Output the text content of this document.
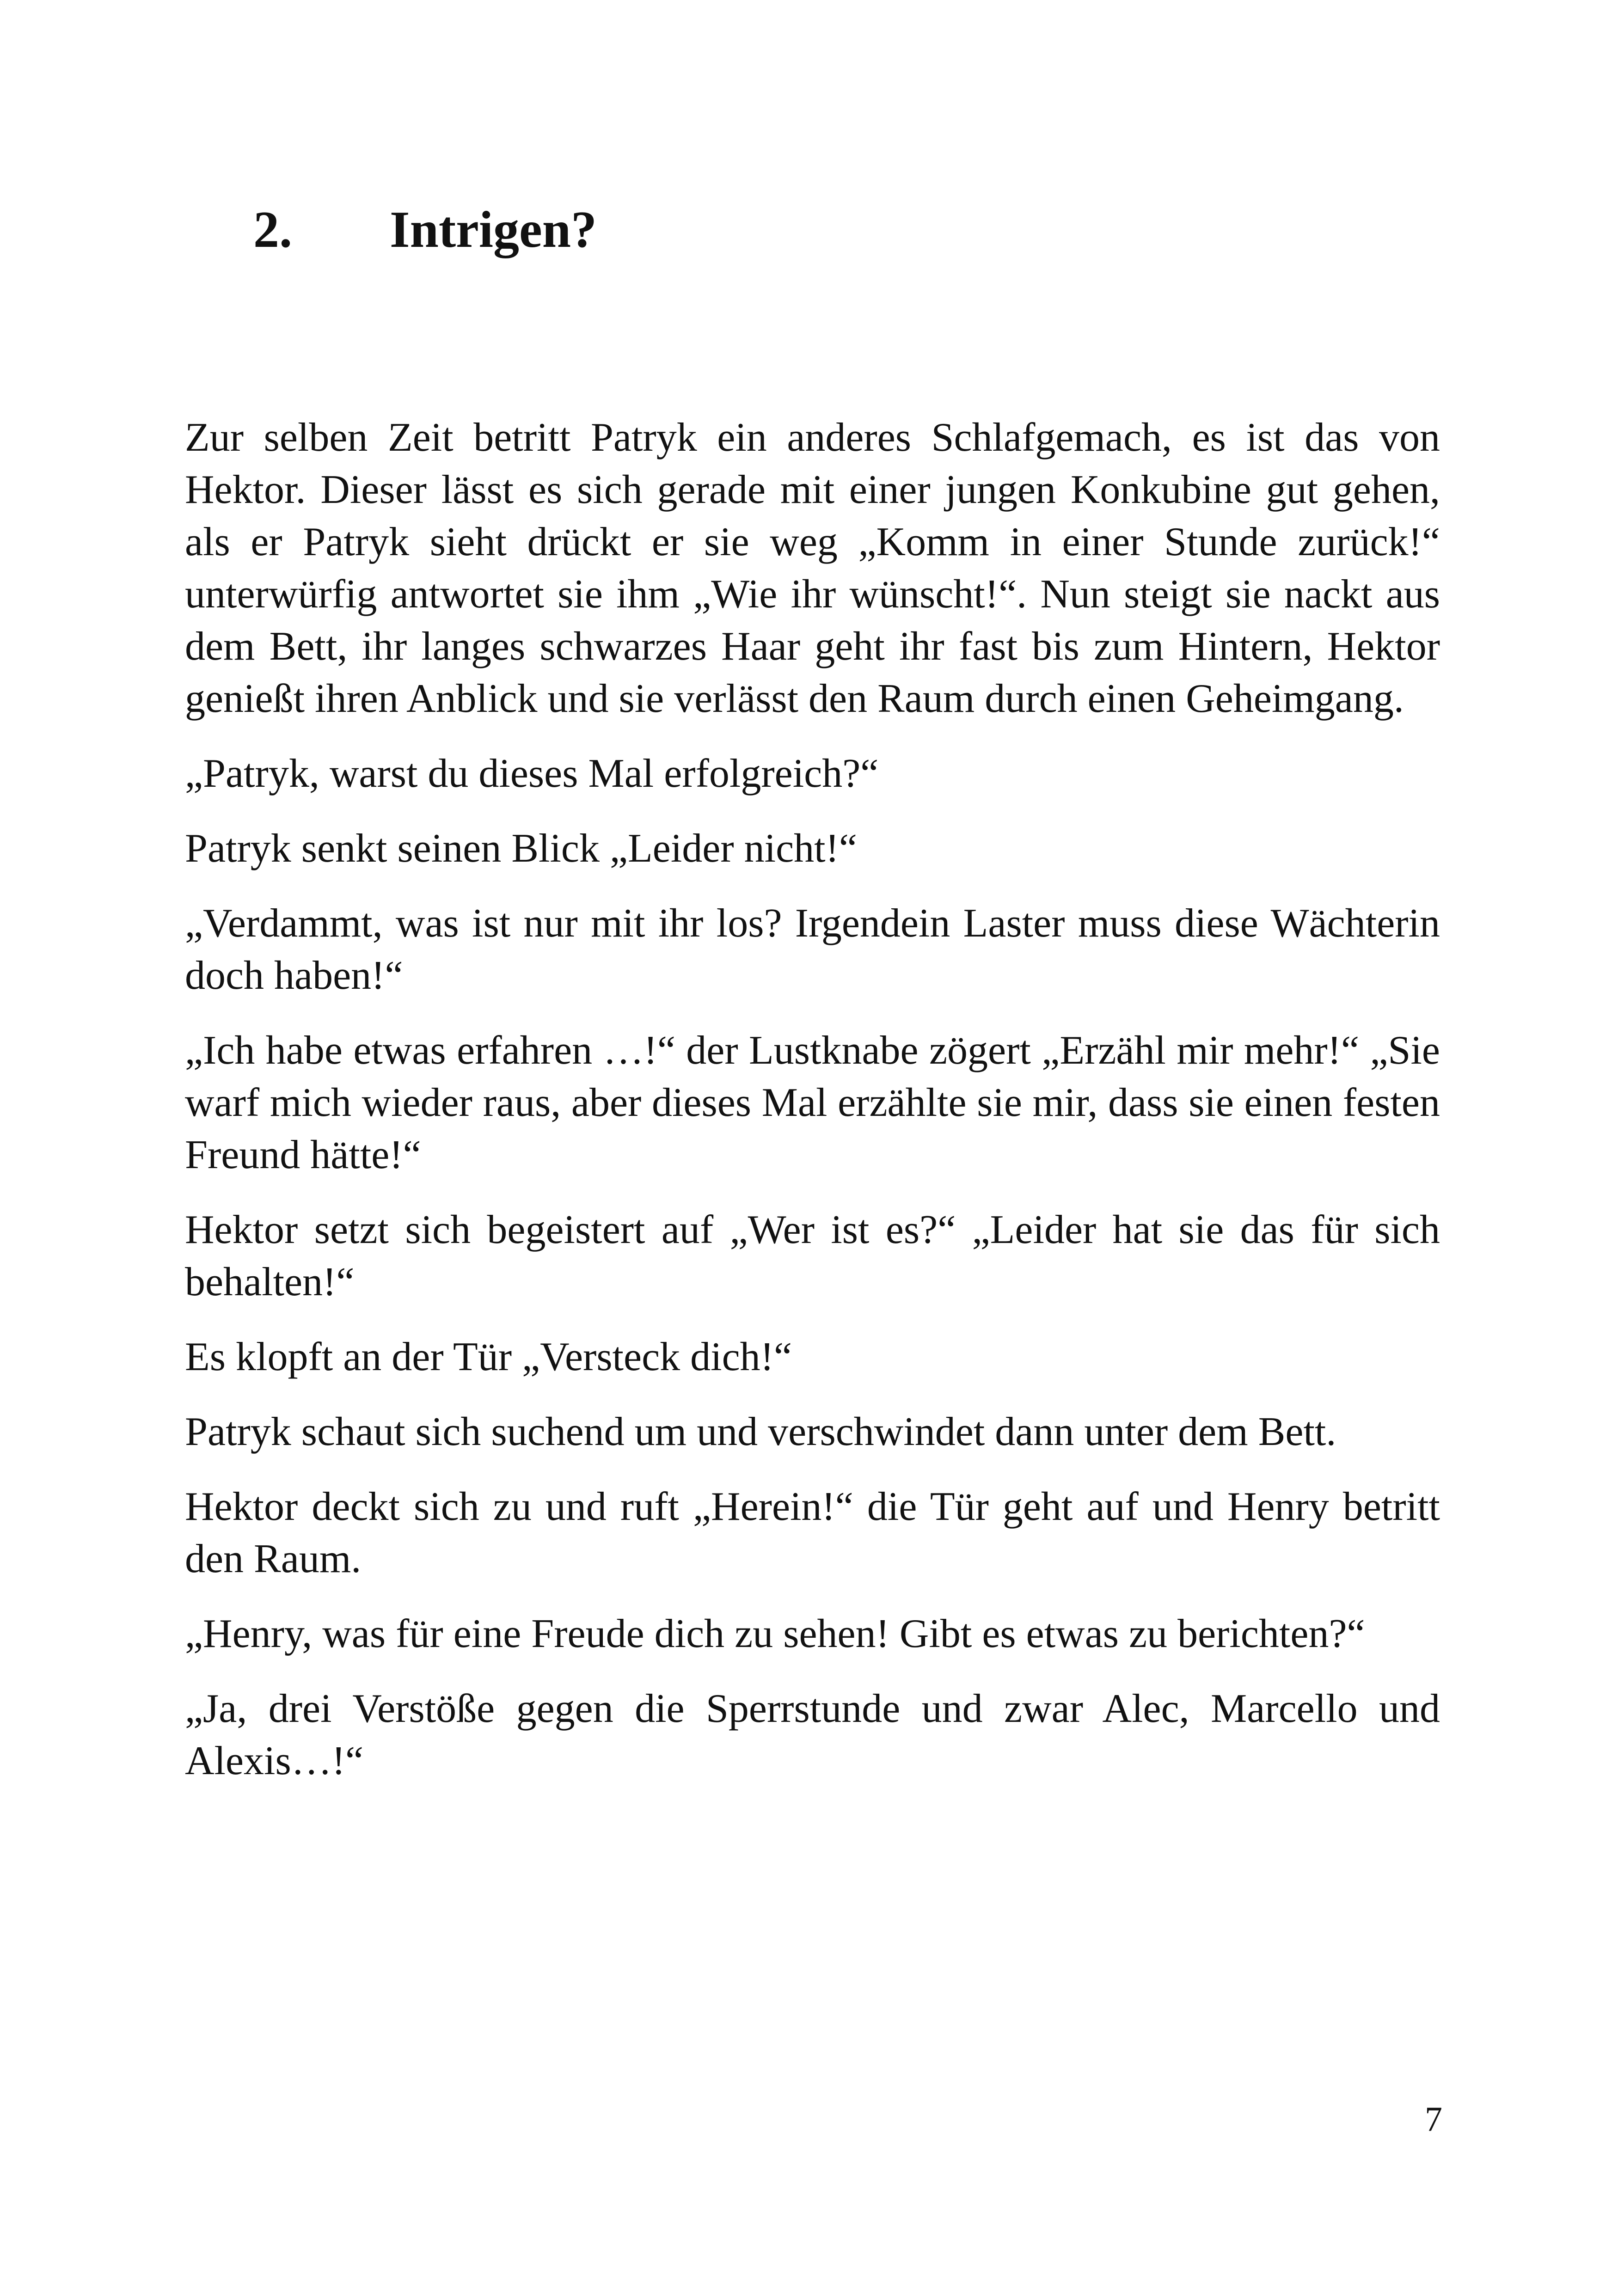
2. Intrigen?

Zur selben Zeit betritt Patryk ein anderes Schlafgemach, es ist das von Hektor. Dieser lässt es sich gerade mit einer jungen Konkubine gut gehen, als er Patryk sieht drückt er sie weg „Komm in einer Stunde zurück!“ unterwürfig antwortet sie ihm „Wie ihr wünscht!“. Nun steigt sie nackt aus dem Bett, ihr langes schwarzes Haar geht ihr fast bis zum Hintern, Hektor genießt ihren Anblick und sie verlässt den Raum durch einen Geheimgang.

„Patryk, warst du dieses Mal erfolgreich?“

Patryk senkt seinen Blick „Leider nicht!“

„Verdammt, was ist nur mit ihr los? Irgendein Laster muss diese Wächterin doch haben!“

„Ich habe etwas erfahren …!“ der Lustknabe zögert „Erzähl mir mehr!“ „Sie warf mich wieder raus, aber dieses Mal erzählte sie mir, dass sie einen festen Freund hätte!“

Hektor setzt sich begeistert auf „Wer ist es?“ „Leider hat sie das für sich behalten!“

Es klopft an der Tür „Versteck dich!“

Patryk schaut sich suchend um und verschwindet dann unter dem Bett.

Hektor deckt sich zu und ruft „Herein!“ die Tür geht auf und Henry betritt den Raum.

„Henry, was für eine Freude dich zu sehen! Gibt es etwas zu berichten?“

„Ja, drei Verstöße gegen die Sperrstunde und zwar Alec, Marcello und Alexis…!“

7
